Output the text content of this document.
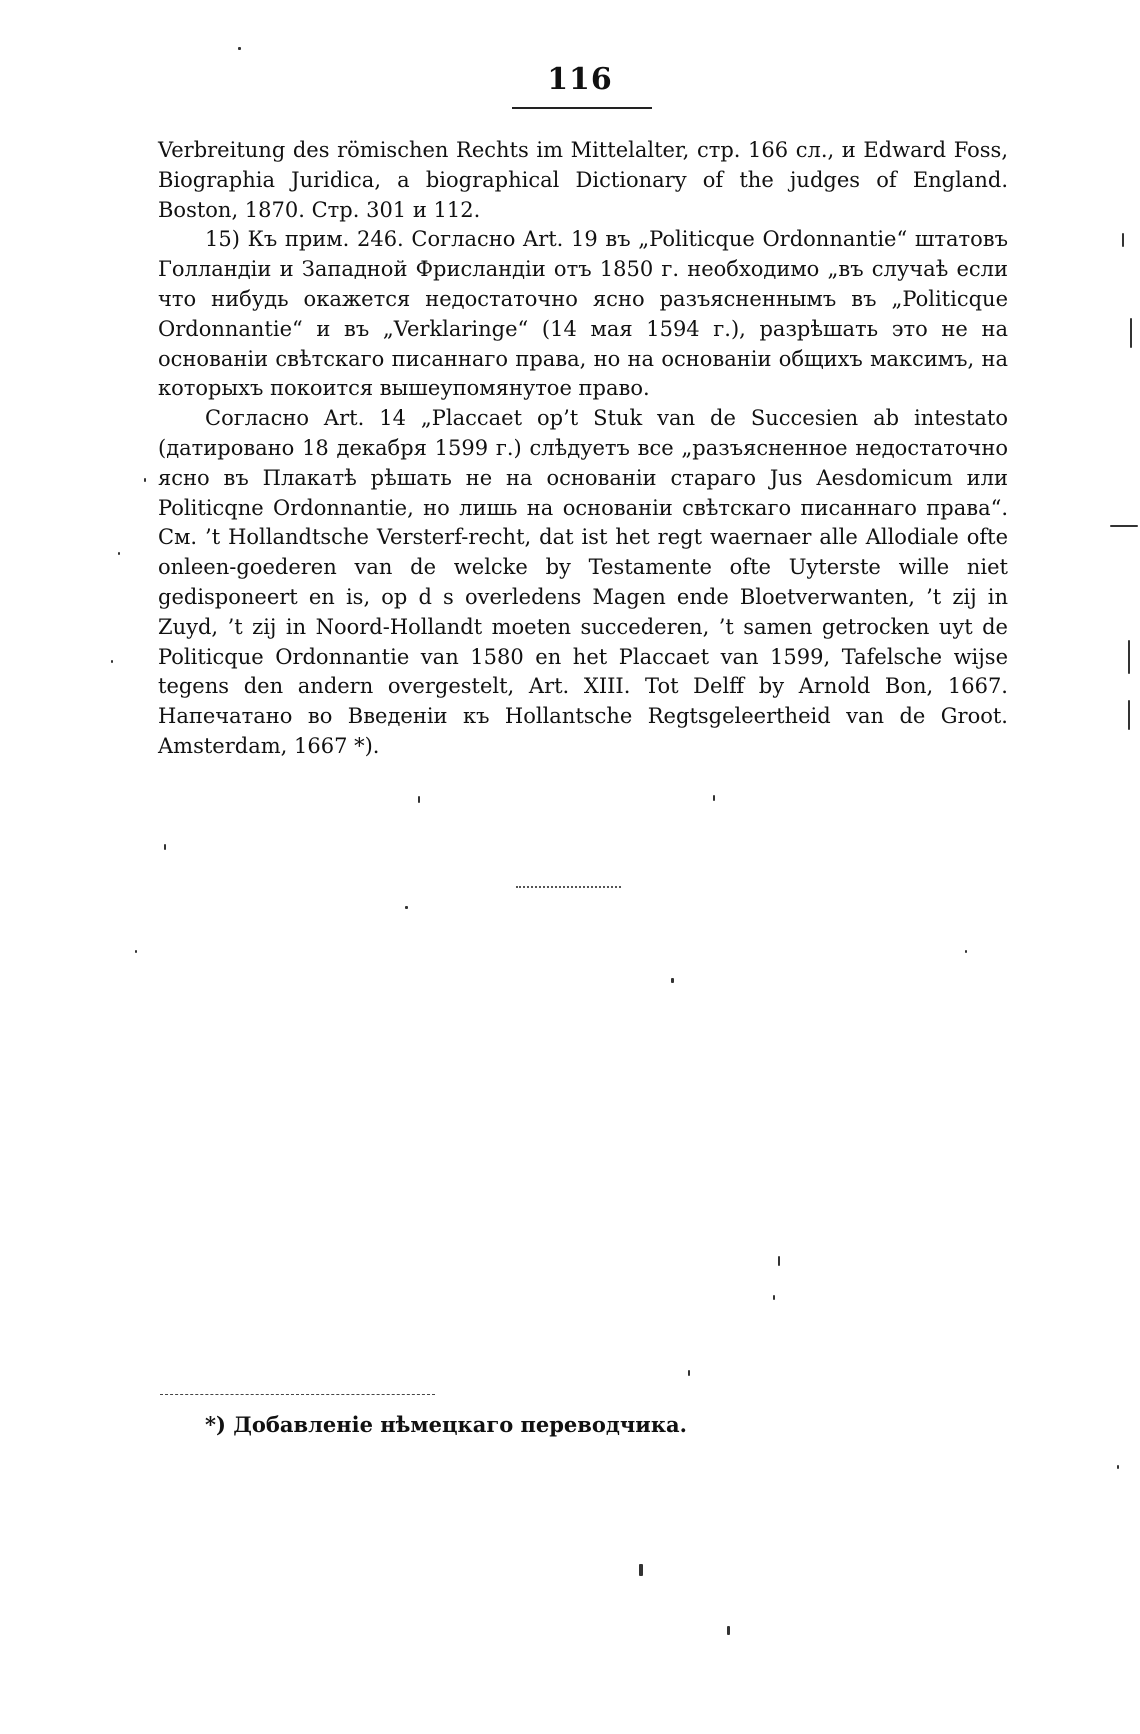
116

Verbreitung des römischen Rechts im Mittelalter, стр. 166 сл., и Edward Foss, Biographia Juridica, a biographical Dictionary of the judges of England. Boston, 1870. Стр. 301 и 112.

15) Къ прим. 246. Согласно Art. 19 въ „Politicque Ordonnantie“ штатовъ Голландіи и Западной Фрисландіи отъ 1850 г. необходимо „въ случаѣ если что нибудь окажется недостаточно ясно разъясненнымъ въ „Politicque Ordonnantie“ и въ „Verklaringe“ (14 мая 1594 г.), разрѣшать это не на основаніи свѣтскаго писаннаго права, но на основаніи общихъ максимъ, на которыхъ покоится вышеупомянутое право.

Согласно Art. 14 „Placcaet op’t Stuk van de Succesien ab intestato (датировано 18 декабря 1599 г.) слѣдуетъ все „разъясненное недостаточно ясно въ Плакатѣ рѣшать не на основаніи стараго Jus Aesdomicum или Politicqne Ordonnantie, но лишь на основаніи свѣтскаго писаннаго права“. См. ’t Hollandtsche Versterf-recht, dat ist het regt waernaer alle Allodiale ofte onleen-goederen van de welcke by Testamente ofte Uyterste wille niet gedisponeert en is, op d s overledens Magen ende Bloetverwanten, ’t zij in Zuyd, ’t zij in Noord-Hollandt moeten succederen, ’t samen getrocken uyt de Politicque Ordonnantie van 1580 en het Placcaet van 1599, Tafelsche wijse tegens den andern overgestelt, Art. XIII. Tot Delff by Arnold Bon, 1667. Напечатано во Введеніи къ Hollantsche Regtsgeleertheid van de Groot. Amsterdam, 1667 *).

*) Добавленіе нѣмецкаго переводчика.
